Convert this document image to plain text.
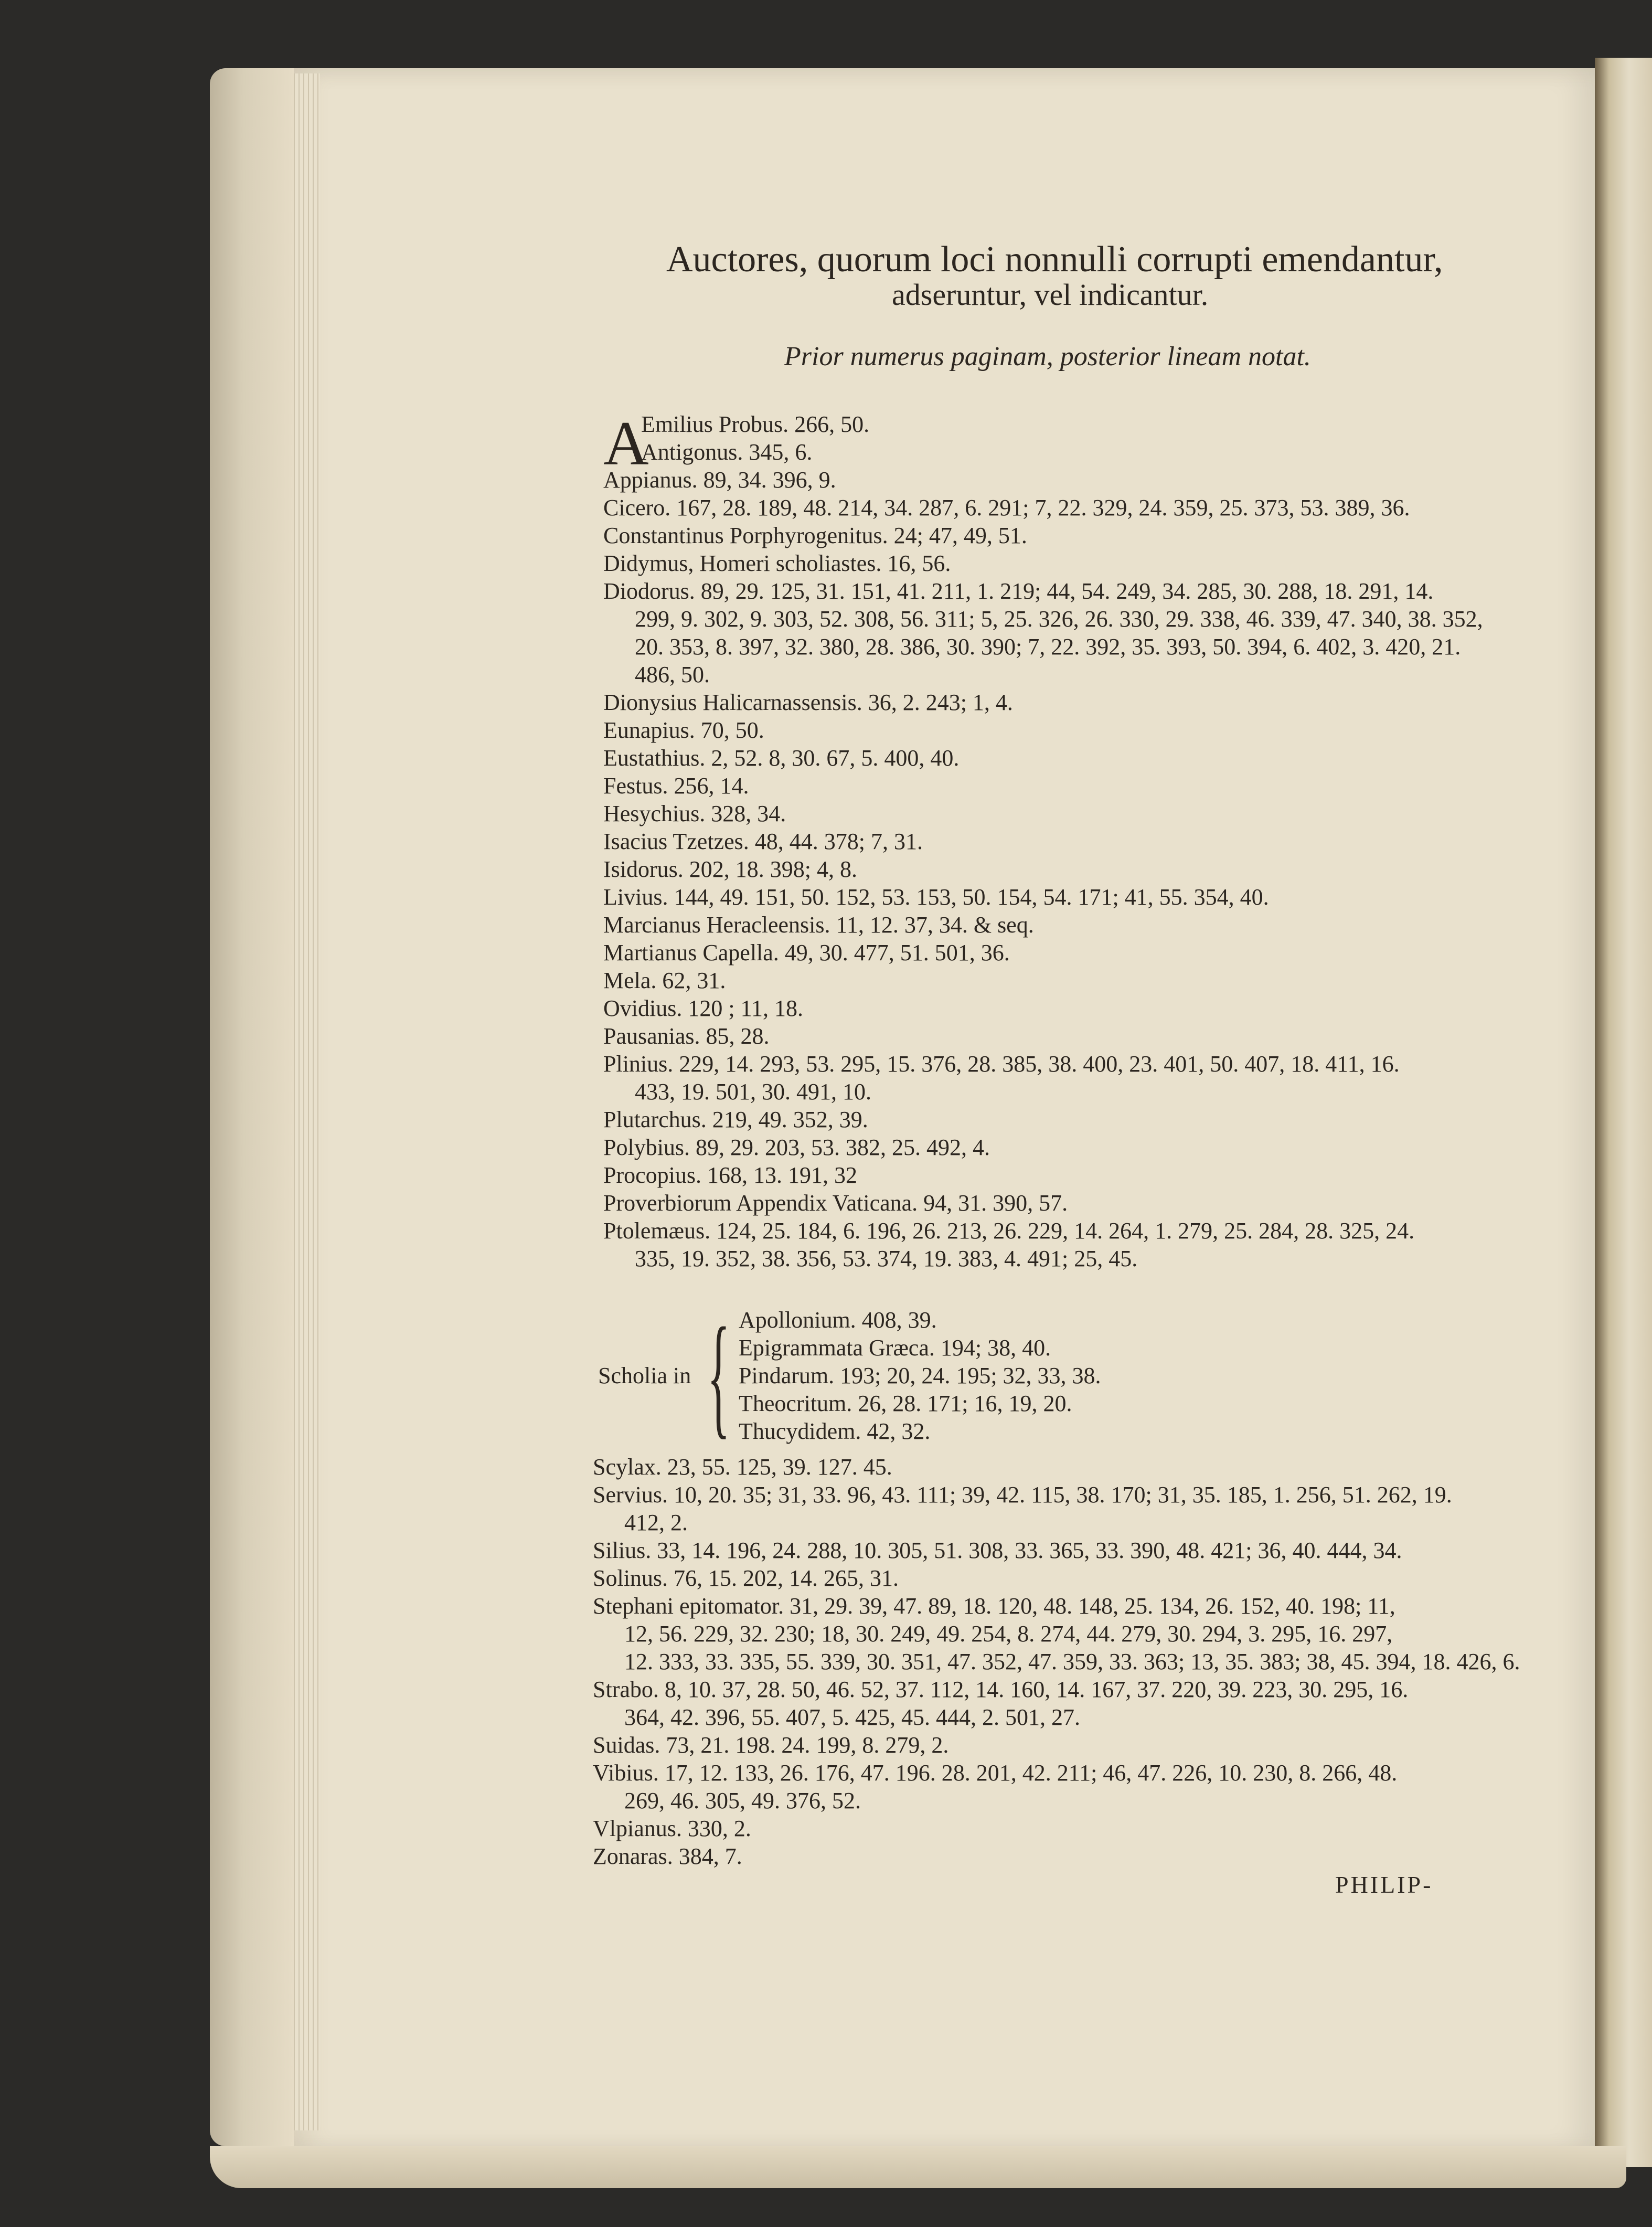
Auctores, quorum loci nonnulli corrupti emendantur,
adseruntur, vel indicantur.
Prior numerus paginam, posterior lineam notat.
A
Emilius Probus. 266, 50.
Antigonus. 345, 6.
Appianus. 89, 34. 396, 9.
Cicero. 167, 28. 189, 48. 214, 34. 287, 6. 291; 7, 22. 329, 24. 359, 25. 373, 53. 389, 36.
Constantinus Porphyrogenitus. 24; 47, 49, 51.
Didymus, Homeri scholiastes. 16, 56.
Diodorus. 89, 29. 125, 31. 151, 41. 211, 1. 219; 44, 54. 249, 34. 285, 30. 288, 18. 291, 14.
299, 9. 302, 9. 303, 52. 308, 56. 311; 5, 25. 326, 26. 330, 29. 338, 46. 339, 47. 340, 38. 352,
20. 353, 8. 397, 32. 380, 28. 386, 30. 390; 7, 22. 392, 35. 393, 50. 394, 6. 402, 3. 420, 21.
486, 50.
Dionysius Halicarnassensis. 36, 2. 243; 1, 4.
Eunapius. 70, 50.
Eustathius. 2, 52. 8, 30. 67, 5. 400, 40.
Festus. 256, 14.
Hesychius. 328, 34.
Isacius Tzetzes. 48, 44. 378; 7, 31.
Isidorus. 202, 18. 398; 4, 8.
Livius. 144, 49. 151, 50. 152, 53. 153, 50. 154, 54. 171; 41, 55. 354, 40.
Marcianus Heracleensis. 11, 12. 37, 34. & seq.
Martianus Capella. 49, 30. 477, 51. 501, 36.
Mela. 62, 31.
Ovidius. 120 ; 11, 18.
Pausanias. 85, 28.
Plinius. 229, 14. 293, 53. 295, 15. 376, 28. 385, 38. 400, 23. 401, 50. 407, 18. 411, 16.
433, 19. 501, 30. 491, 10.
Plutarchus. 219, 49. 352, 39.
Polybius. 89, 29. 203, 53. 382, 25. 492, 4.
Procopius. 168, 13. 191, 32
Proverbiorum Appendix Vaticana. 94, 31. 390, 57.
Ptolemæus. 124, 25. 184, 6. 196, 26. 213, 26. 229, 14. 264, 1. 279, 25. 284, 28. 325, 24.
335, 19. 352, 38. 356, 53. 374, 19. 383, 4. 491; 25, 45.
Scholia in { Apollonium. 408, 39.
Epigrammata Græca. 194; 38, 40.
Pindarum. 193; 20, 24. 195; 32, 33, 38.
Theocritum. 26, 28. 171; 16, 19, 20.
Thucydidem. 42, 32.
Scylax. 23, 55. 125, 39. 127. 45.
Servius. 10, 20. 35; 31, 33. 96, 43. 111; 39, 42. 115, 38. 170; 31, 35. 185, 1. 256, 51. 262, 19.
412, 2.
Silius. 33, 14. 196, 24. 288, 10. 305, 51. 308, 33. 365, 33. 390, 48. 421; 36, 40. 444, 34.
Solinus. 76, 15. 202, 14. 265, 31.
Stephani epitomator. 31, 29. 39, 47. 89, 18. 120, 48. 148, 25. 134, 26. 152, 40. 198; 11,
12, 56. 229, 32. 230; 18, 30. 249, 49. 254, 8. 274, 44. 279, 30. 294, 3. 295, 16. 297,
12. 333, 33. 335, 55. 339, 30. 351, 47. 352, 47. 359, 33. 363; 13, 35. 383; 38, 45. 394, 18. 426, 6.
Strabo. 8, 10. 37, 28. 50, 46. 52, 37. 112, 14. 160, 14. 167, 37. 220, 39. 223, 30. 295, 16.
364, 42. 396, 55. 407, 5. 425, 45. 444, 2. 501, 27.
Suidas. 73, 21. 198. 24. 199, 8. 279, 2.
Vibius. 17, 12. 133, 26. 176, 47. 196. 28. 201, 42. 211; 46, 47. 226, 10. 230, 8. 266, 48.
269, 46. 305, 49. 376, 52.
Vlpianus. 330, 2.
Zonaras. 384, 7.
PHILIP-
